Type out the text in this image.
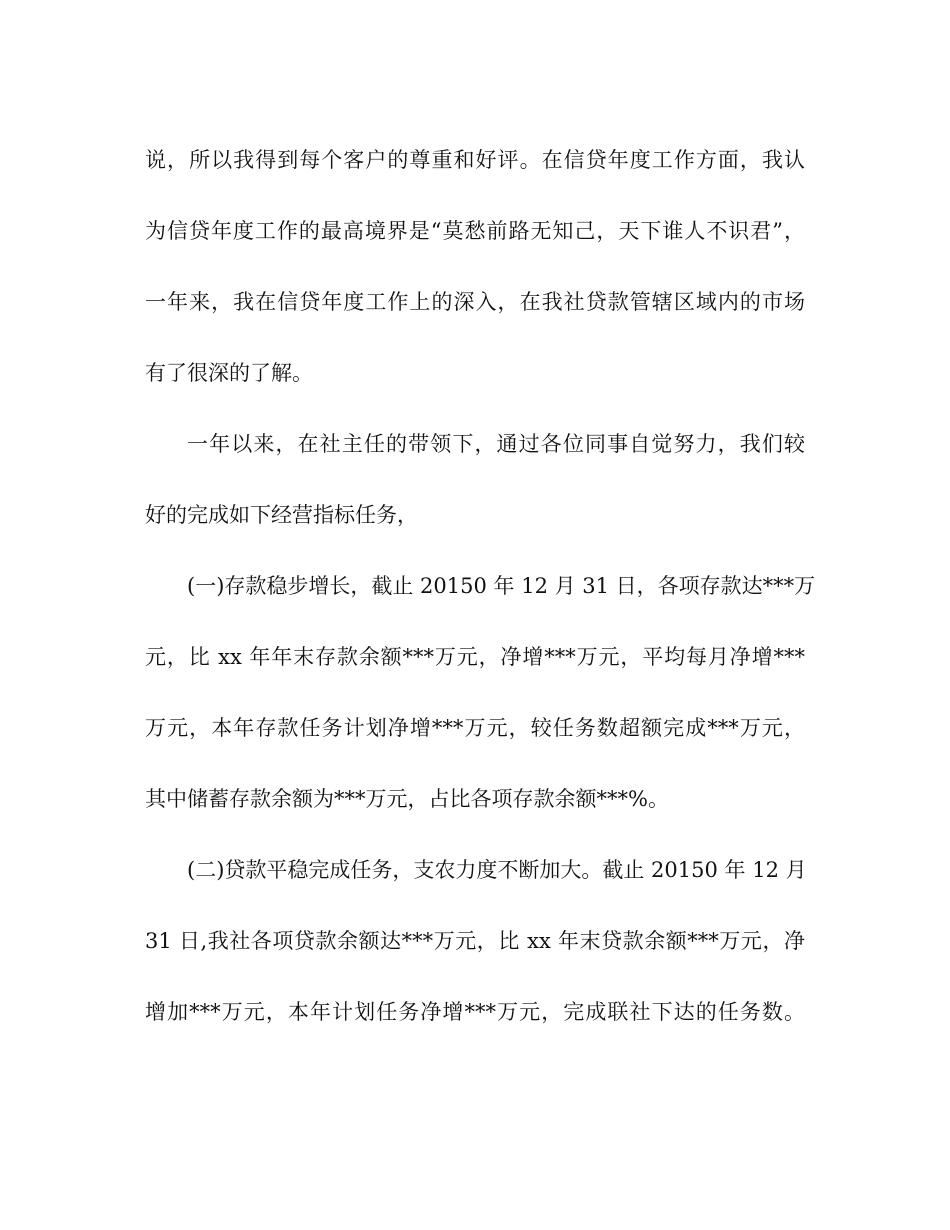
说，所以我得到每个客户的尊重和好评。在信贷年度工作方面，我认
为信贷年度工作的最高境界是“莫愁前路无知己，天下谁人不识君”，
一年来，我在信贷年度工作上的深入，在我社贷款管辖区域内的市场
有了很深的了解。
一年以来，在社主任的带领下，通过各位同事自觉努力，我们较
好的完成如下经营指标任务，
(一)存款稳步增长，截止 20150 年 12 月 31 日，各项存款达***万
元，比 xx 年年末存款余额***万元，净增***万元，平均每月净增***
万元，本年存款任务计划净增***万元，较任务数超额完成***万元，
其中储蓄存款余额为***万元，占比各项存款余额***%。
(二)贷款平稳完成任务，支农力度不断加大。截止 20150 年 12 月
31 日,我社各项贷款余额达***万元，比 xx 年末贷款余额***万元，净
增加***万元，本年计划任务净增***万元，完成联社下达的任务数。
